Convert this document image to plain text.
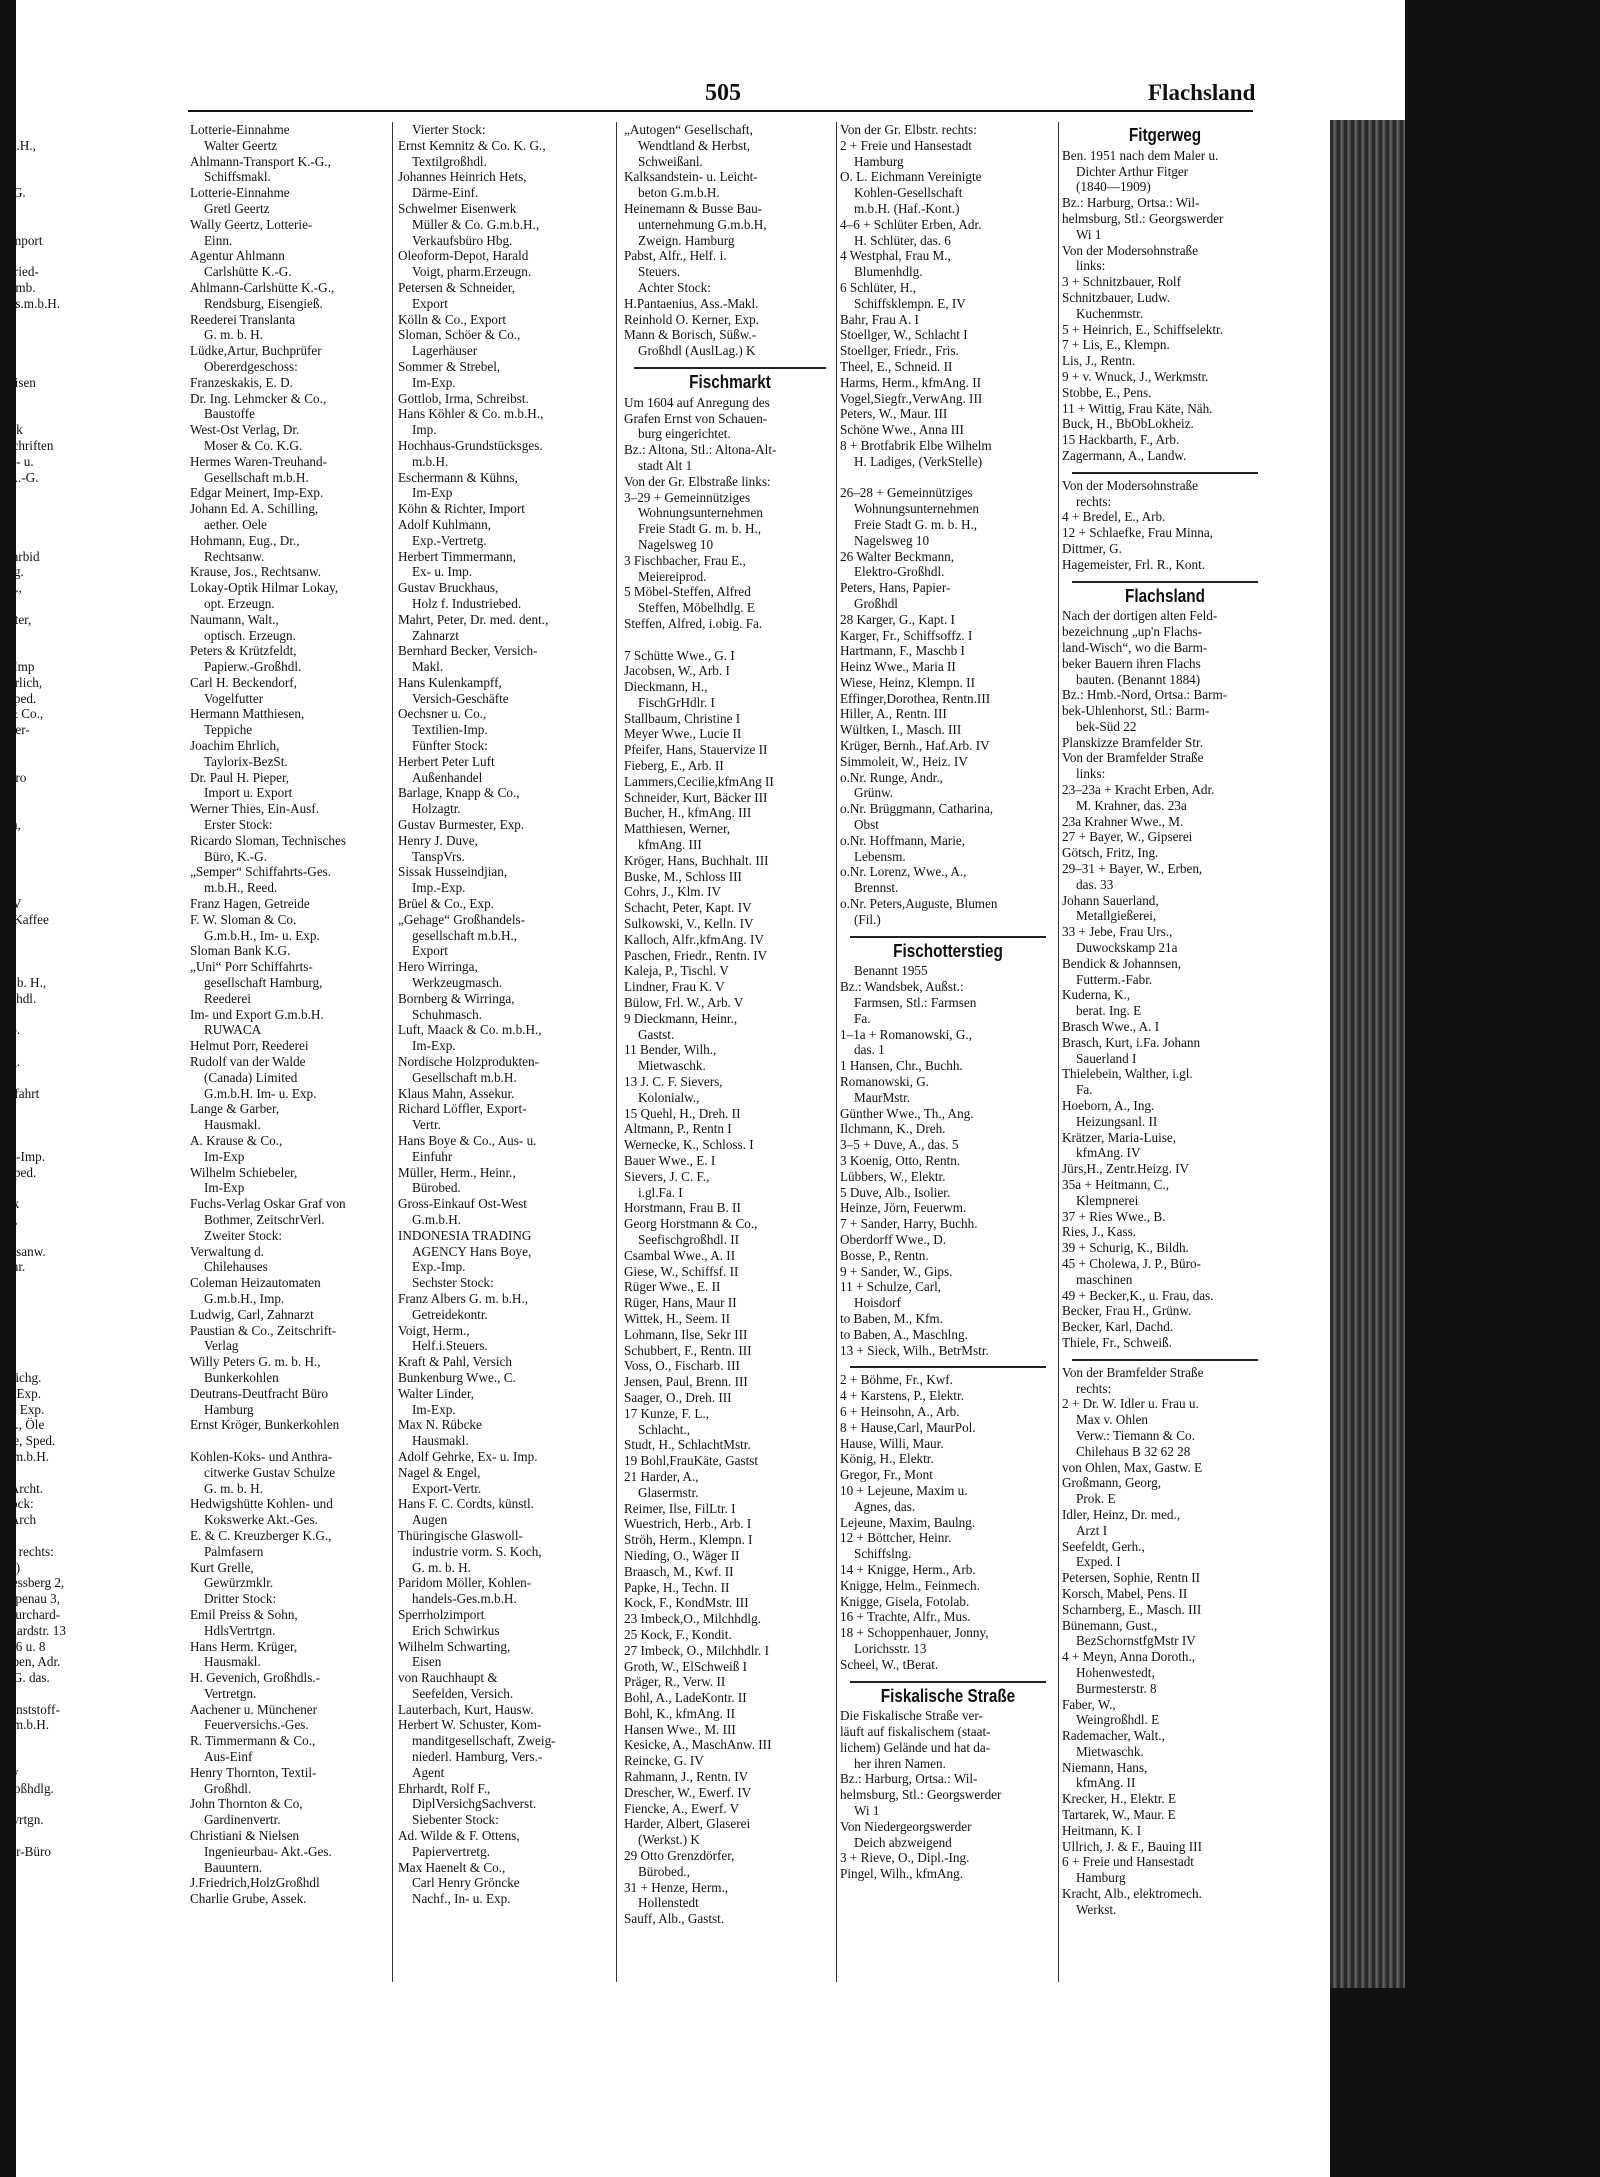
505	Flachsland
k:
n.b.H.,
ld

K.G.

xp.
. Import

. Fried-
Hamb.
Ges.m.b.H.
en

del
, Eisen

Erik
itschriften
len- u.
e A.-G.

k:

akarbid
tlng.
Co.,

eister,

u. Imp
Ehrlich,
. Sped.
r & Co.,
zlzer-

Büro

sen,

IV

) IV
g, Kaffee

ck:

m. b. H.,
olzhdl.
le,
mp.
bg.
erg.
k,
hiffahrt
g
en

len-Imp.
, Sped.

ock
/S.,

chtsanw.
Frhr.

ersichg.
rst Exp.
ng, Exp.
Co., Öle
nge, Sped.
G.m.b.H.

r, Archt.
Stock:
r, Arch

atz rechts:
l A)
Messberg 2,
Depenau 3,
. Burchard-
rchardstr. 13
en 6 u. 8
Erben, Adr.
K.G. das.
ld
Kunststoff-
G.m.b.H.

sky
Großhdlg.
n.
ilsvrtgn.

ieur-Büro
Lotterie-Einnahme
Walter Geertz
Ahlmann-Transport K.-G.,
Schiffsmakl.
Lotterie-Einnahme
Gretl Geertz
Wally Geertz, Lotterie-
Einn.
Agentur Ahlmann
Carlshütte K.-G.
Ahlmann-Carlshütte K.-G.,
Rendsburg, Eisengieß.
Reederei Translanta
G. m. b. H.
Lüdke,Artur, Buchprüfer
Obererdgeschoss:
Franzeskakis, E. D.
Dr. Ing. Lehmcker & Co.,
Baustoffe
West-Ost Verlag, Dr.
Moser & Co. K.G.
Hermes Waren-Treuhand-
Gesellschaft m.b.H.
Edgar Meinert, Imp-Exp.
Johann Ed. A. Schilling,
aether. Oele
Hohmann, Eug., Dr.,
Rechtsanw.
Krause, Jos., Rechtsanw.
Lokay-Optik Hilmar Lokay,
opt. Erzeugn.
Naumann, Walt.,
optisch. Erzeugn.
Peters & Krützfeldt,
Papierw.-Großhdl.
Carl H. Beckendorf,
Vogelfutter
Hermann Matthiesen,
Teppiche
Joachim Ehrlich,
Taylorix-BezSt.
Dr. Paul H. Pieper,
Import u. Export
Werner Thies, Ein-Ausf.
Erster Stock:
Ricardo Sloman, Technisches
Büro, K.-G.
„Semper“ Schiffahrts-Ges.
m.b.H., Reed.
Franz Hagen, Getreide
F. W. Sloman & Co.
G.m.b.H., Im- u. Exp.
Sloman Bank K.G.
„Uni“ Porr Schiffahrts-
gesellschaft Hamburg,
Reederei
Im- und Export G.m.b.H.
RUWACA
Helmut Porr, Reederei
Rudolf van der Walde
(Canada) Limited
G.m.b.H. Im- u. Exp.
Lange & Garber,
Hausmakl.
A. Krause & Co.,
Im-Exp
Wilhelm Schiebeler,
Im-Exp
Fuchs-Verlag Oskar Graf von
Bothmer, ZeitschrVerl.
Zweiter Stock:
Verwaltung d.
Chilehauses
Coleman Heizautomaten
G.m.b.H., Imp.
Ludwig, Carl, Zahnarzt
Paustian & Co., Zeitschrift-
Verlag
Willy Peters G. m. b. H.,
Bunkerkohlen
Deutrans-Deutfracht Büro
Hamburg
Ernst Kröger, Bunkerkohlen

Kohlen-Koks- und Anthra-
citwerke Gustav Schulze
G. m. b. H.
Hedwigshütte Kohlen- und
Kokswerke Akt.-Ges.
E. & C. Kreuzberger K.G.,
Palmfasern
Kurt Grelle,
Gewürzmklr.
Dritter Stock:
Emil Preiss & Sohn,
HdlsVertrtgn.
Hans Herm. Krüger,
Hausmakl.
H. Gevenich, Großhdls.-
Vertretgn.
Aachener u. Münchener
Feuerversichs.-Ges.
R. Timmermann & Co.,
Aus-Einf
Henry Thornton, Textil-
Großhdl.
John Thornton & Co,
Gardinenvertr.
Christiani & Nielsen
Ingenieurbau- Akt.-Ges.
Bauuntern.
J.Friedrich,HolzGroßhdl
Charlie Grube, Assek.
Vierter Stock:
Ernst Kemnitz & Co. K. G.,
Textilgroßhdl.
Johannes Heinrich Hets,
Därme-Einf.
Schwelmer Eisenwerk
Müller & Co. G.m.b.H.,
Verkaufsbüro Hbg.
Oleoform-Depot, Harald
Voigt, pharm.Erzeugn.
Petersen & Schneider,
Export
Kölln & Co., Export
Sloman, Schöer & Co.,
Lagerhäuser
Sommer & Strebel,
Im-Exp.
Gottlob, Irma, Schreibst.
Hans Köhler & Co. m.b.H.,
Imp.
Hochhaus-Grundstücksges.
m.b.H.
Eschermann & Kühns,
Im-Exp
Köhn & Richter, Import
Adolf Kuhlmann,
Exp.-Vertretg.
Herbert Timmermann,
Ex- u. Imp.
Gustav Bruckhaus,
Holz f. Industriebed.
Mahrt, Peter, Dr. med. dent.,
Zahnarzt
Bernhard Becker, Versich-
Makl.
Hans Kulenkampff,
Versich-Geschäfte
Oechsner u. Co.,
Textilien-Imp.
Fünfter Stock:
Herbert Peter Luft
Außenhandel
Barlage, Knapp & Co.,
Holzagtr.
Gustav Burmester, Exp.
Henry J. Duve,
TanspVrs.
Sissak Husseindjian,
Imp.-Exp.
Brüel & Co., Exp.
„Gehage“ Großhandels-
gesellschaft m.b.H.,
Export
Hero Wirringa,
Werkzeugmasch.
Bornberg & Wirringa,
Schuhmasch.
Luft, Maack & Co. m.b.H.,
Im-Exp.
Nordische Holzprodukten-
Gesellschaft m.b.H.
Klaus Mahn, Assekur.
Richard Löffler, Export-
Vertr.
Hans Boye & Co., Aus- u.
Einfuhr
Müller, Herm., Heinr.,
Bürobed.
Gross-Einkauf Ost-West
G.m.b.H.
INDONESIA TRADING
AGENCY Hans Boye,
Exp.-Imp.
Sechster Stock:
Franz Albers G. m. b.H.,
Getreidekontr.
Voigt, Herm.,
Helf.i.Steuers.
Kraft & Pahl, Versich
Bunkenburg Wwe., C.
Walter Linder,
Im-Exp.
Max N. Rübcke
Hausmakl.
Adolf Gehrke, Ex- u. Imp.
Nagel & Engel,
Export-Vertr.
Hans F. C. Cordts, künstl.
Augen
Thüringische Glaswoll-
industrie vorm. S. Koch,
G. m. b. H.
Paridom Möller, Kohlen-
handels-Ges.m.b.H.
Sperrholzimport
Erich Schwirkus
Wilhelm Schwarting,
Eisen
von Rauchhaupt &
Seefelden, Versich.
Lauterbach, Kurt, Hausw.
Herbert W. Schuster, Kom-
manditgesellschaft, Zweig-
niederl. Hamburg, Vers.-
Agent
Ehrhardt, Rolf F.,
DiplVersichgSachverst.
Siebenter Stock:
Ad. Wilde & F. Ottens,
Papiervertretg.
Max Haenelt & Co.,
Carl Henry Gröncke
Nachf., In- u. Exp.
„Autogen“ Gesellschaft,
Wendtland & Herbst,
Schweißanl.
Kalksandstein- u. Leicht-
beton G.m.b.H.
Heinemann & Busse Bau-
unternehmung G.m.b.H,
Zweign. Hamburg
Pabst, Alfr., Helf. i.
Steuers.
Achter Stock:
H.Pantaenius, Ass.-Makl.
Reinhold O. Kerner, Exp.
Mann & Borisch, Süßw.-
Großhdl (AuslLag.) K
Fischmarkt
Um 1604 auf Anregung des
Grafen Ernst von Schauen-
burg eingerichtet.
Bz.: Altona, Stl.: Altona-Alt-
stadt Alt 1
Von der Gr. Elbstraße links:
3–29 + Gemeinnütziges
Wohnungsunternehmen
Freie Stadt G. m. b. H.,
Nagelsweg 10
3 Fischbacher, Frau E.,
Meiereiprod.
5 Möbel-Steffen, Alfred
Steffen, Möbelhdlg. E
Steffen, Alfred, i.obig. Fa.

7 Schütte Wwe., G. I
Jacobsen, W., Arb. I
Dieckmann, H.,
FischGrHdlr. I
Stallbaum, Christine I
Meyer Wwe., Lucie II
Pfeifer, Hans, Stauervize II
Fieberg, E., Arb. II
Lammers,Cecilie,kfmAng II
Schneider, Kurt, Bäcker III
Bucher, H., kfmAng. III
Matthiesen, Werner,
kfmAng. III
Kröger, Hans, Buchhalt. III
Buske, M., Schloss III
Cohrs, J., Klm. IV
Schacht, Peter, Kapt. IV
Sulkowski, V., Kelln. IV
Kalloch, Alfr.,kfmAng. IV
Paschen, Friedr., Rentn. IV
Kaleja, P., Tischl. V
Lindner, Frau K. V
Bülow, Frl. W., Arb. V
9 Dieckmann, Heinr.,
Gastst.
11 Bender, Wilh.,
Mietwaschk.
13 J. C. F. Sievers,
Kolonialw.,
15 Quehl, H., Dreh. II
Altmann, P., Rentn I
Wernecke, K., Schloss. I
Bauer Wwe., E. I
Sievers, J. C. F.,
i.gl.Fa. I
Horstmann, Frau B. II
Georg Horstmann & Co.,
Seefischgroßhdl. II
Csambal Wwe., A. II
Giese, W., Schiffsf. II
Rüger Wwe., E. II
Rüger, Hans, Maur II
Wittek, H., Seem. II
Lohmann, Ilse, Sekr III
Schubbert, F., Rentn. III
Voss, O., Fischarb. III
Jensen, Paul, Brenn. III
Saager, O., Dreh. III
17 Kunze, F. L.,
Schlacht.,
Studt, H., SchlachtMstr.
19 Bohl,FrauKäte, Gastst
21 Harder, A.,
Glasermstr.
Reimer, Ilse, FilLtr. I
Wuestrich, Herb., Arb. I
Ströh, Herm., Klempn. I
Nieding, O., Wäger II
Braasch, M., Kwf. II
Papke, H., Techn. II
Kock, F., KondMstr. III
23 Imbeck,O., Milchhdlg.
25 Kock, F., Kondit.
27 Imbeck, O., Milchhdlr. I
Groth, W., ElSchweiß I
Präger, R., Verw. II
Bohl, A., LadeKontr. II
Bohl, K., kfmAng. II
Hansen Wwe., M. III
Kesicke, A., MaschAnw. III
Reincke, G. IV
Rahmann, J., Rentn. IV
Drescher, W., Ewerf. IV
Fiencke, A., Ewerf. V
Harder, Albert, Glaserei
(Werkst.) K
29 Otto Grenzdörfer,
Bürobed.,
31 + Henze, Herm.,
Hollenstedt
Sauff, Alb., Gastst.
Von der Gr. Elbstr. rechts:
2 + Freie und Hansestadt
Hamburg
O. L. Eichmann Vereinigte
Kohlen-Gesellschaft
m.b.H. (Haf.-Kont.)
4–6 + Schlüter Erben, Adr.
H. Schlüter, das. 6
4 Westphal, Frau M.,
Blumenhdlg.
6 Schlüter, H.,
Schiffsklempn. E, IV
Bahr, Frau A. I
Stoellger, W., Schlacht I
Stoellger, Friedr., Fris.
Theel, E., Schneid. II
Harms, Herm., kfmAng. II
Vogel,Siegfr.,VerwAng. III
Peters, W., Maur. III
Schöne Wwe., Anna III
8 + Brotfabrik Elbe Wilhelm
H. Ladiges, (VerkStelle)

26–28 + Gemeinnütziges
Wohnungsunternehmen
Freie Stadt G. m. b. H.,
Nagelsweg 10
26 Walter Beckmann,
Elektro-Großhdl.
Peters, Hans, Papier-
Großhdl
28 Karger, G., Kapt. I
Karger, Fr., Schiffsoffz. I
Hartmann, F., Maschb I
Heinz Wwe., Maria II
Wiese, Heinz, Klempn. II
Effinger,Dorothea, Rentn.III
Hiller, A., Rentn. III
Wültken, I., Masch. III
Krüger, Bernh., Haf.Arb. IV
Simmoleit, W., Heiz. IV
o.Nr. Runge, Andr.,
Grünw.
o.Nr. Brüggmann, Catharina,
Obst
o.Nr. Hoffmann, Marie,
Lebensm.
o.Nr. Lorenz, Wwe., A.,
Brennst.
o.Nr. Peters,Auguste, Blumen
(Fil.)
Fischotterstieg
Benannt 1955
Bz.: Wandsbek, Außst.:
Farmsen, Stl.: Farmsen
Fa.
1–1a + Romanowski, G.,
das. 1
1 Hansen, Chr., Buchh.
Romanowski, G.
MaurMstr.
Günther Wwe., Th., Ang.
Ilchmann, K., Dreh.
3–5 + Duve, A., das. 5
3 Koenig, Otto, Rentn.
Lübbers, W., Elektr.
5 Duve, Alb., Isolier.
Heinze, Jörn, Feuerwm.
7 + Sander, Harry, Buchh.
Oberdorff Wwe., D.
Bosse, P., Rentn.
9 + Sander, W., Gips.
11 + Schulze, Carl,
Hoisdorf
to Baben, M., Kfm.
to Baben, A., Maschlng.
13 + Sieck, Wilh., BetrMstr.
2 + Böhme, Fr., Kwf.
4 + Karstens, P., Elektr.
6 + Heinsohn, A., Arb.
8 + Hause,Carl, MaurPol.
Hause, Willi, Maur.
König, H., Elektr.
Gregor, Fr., Mont
10 + Lejeune, Maxim u.
Agnes, das.
Lejeune, Maxim, Baulng.
12 + Böttcher, Heinr.
Schiffslng.
14 + Knigge, Herm., Arb.
Knigge, Helm., Feinmech.
Knigge, Gisela, Fotolab.
16 + Trachte, Alfr., Mus.
18 + Schoppenhauer, Jonny,
Lorichsstr. 13
Scheel, W., tBerat.
Fiskalische Straße
Die Fiskalische Straße ver-
läuft auf fiskalischem (staat-
lichem) Gelände und hat da-
her ihren Namen.
Bz.: Harburg, Ortsa.: Wil-
helmsburg, Stl.: Georgswerder
Wi 1
Von Niedergeorgswerder
Deich abzweigend
3 + Rieve, O., Dipl.-Ing.
Pingel, Wilh., kfmAng.
Fitgerweg
Ben. 1951 nach dem Maler u.
Dichter Arthur Fitger
(1840—1909)
Bz.: Harburg, Ortsa.: Wil-
helmsburg, Stl.: Georgswerder
Wi 1
Von der Modersohnstraße
links:
3 + Schnitzbauer, Rolf
Schnitzbauer, Ludw.
Kuchenmstr.
5 + Heinrich, E., Schiffselektr.
7 + Lis, E., Klempn.
Lis, J., Rentn.
9 + v. Wnuck, J., Werkmstr.
Stobbe, E., Pens.
11 + Wittig, Frau Käte, Näh.
Buck, H., BbObLokheiz.
15 Hackbarth, F., Arb.
Zagermann, A., Landw.
Von der Modersohnstraße
rechts:
4 + Bredel, E., Arb.
12 + Schlaefke, Frau Minna,
Dittmer, G.
Hagemeister, Frl. R., Kont.
Flachsland
Nach der dortigen alten Feld-
bezeichnung „up'n Flachs-
land-Wisch“, wo die Barm-
beker Bauern ihren Flachs
bauten. (Benannt 1884)
Bz.: Hmb.-Nord, Ortsa.: Barm-
bek-Uhlenhorst, Stl.: Barm-
bek-Süd 22
Planskizze Bramfelder Str.
Von der Bramfelder Straße
links:
23–23a + Kracht Erben, Adr.
M. Krahner, das. 23a
23a Krahner Wwe., M.
27 + Bayer, W., Gipserei
Götsch, Fritz, Ing.
29–31 + Bayer, W., Erben,
das. 33
Johann Sauerland,
Metallgießerei,
33 + Jebe, Frau Urs.,
Duwockskamp 21a
Bendick & Johannsen,
Futterm.-Fabr.
Kuderna, K.,
berat. Ing. E
Brasch Wwe., A. I
Brasch, Kurt, i.Fa. Johann
Sauerland I
Thielebein, Walther, i.gl.
Fa.
Hoeborn, A., Ing.
Heizungsanl. II
Krätzer, Maria-Luise,
kfmAng. IV
Jürs,H., Zentr.Heizg. IV
35a + Heitmann, C.,
Klempnerei
37 + Ries Wwe., B.
Ries, J., Kass.
39 + Schurig, K., Bildh.
45 + Cholewa, J. P., Büro-
maschinen
49 + Becker,K., u. Frau, das.
Becker, Frau H., Grünw.
Becker, Karl, Dachd.
Thiele, Fr., Schweiß.
Von der Bramfelder Straße
rechts:
2 + Dr. W. Idler u. Frau u.
Max v. Ohlen
Verw.: Tiemann & Co.
Chilehaus B 32 62 28
von Ohlen, Max, Gastw. E
Großmann, Georg,
Prok. E
Idler, Heinz, Dr. med.,
Arzt I
Seefeldt, Gerh.,
Exped. I
Petersen, Sophie, Rentn II
Korsch, Mabel, Pens. II
Scharnberg, E., Masch. III
Bünemann, Gust.,
BezSchornstfgMstr IV
4 + Meyn, Anna Doroth.,
Hohenwestedt,
Burmesterstr. 8
Faber, W.,
Weingroßhdl. E
Rademacher, Walt.,
Mietwaschk.
Niemann, Hans,
kfmAng. II
Krecker, H., Elektr. E
Tartarek, W., Maur. E
Heitmann, K. I
Ullrich, J. & F., Bauing III
6 + Freie und Hansestadt
Hamburg
Kracht, Alb., elektromech.
Werkst.
